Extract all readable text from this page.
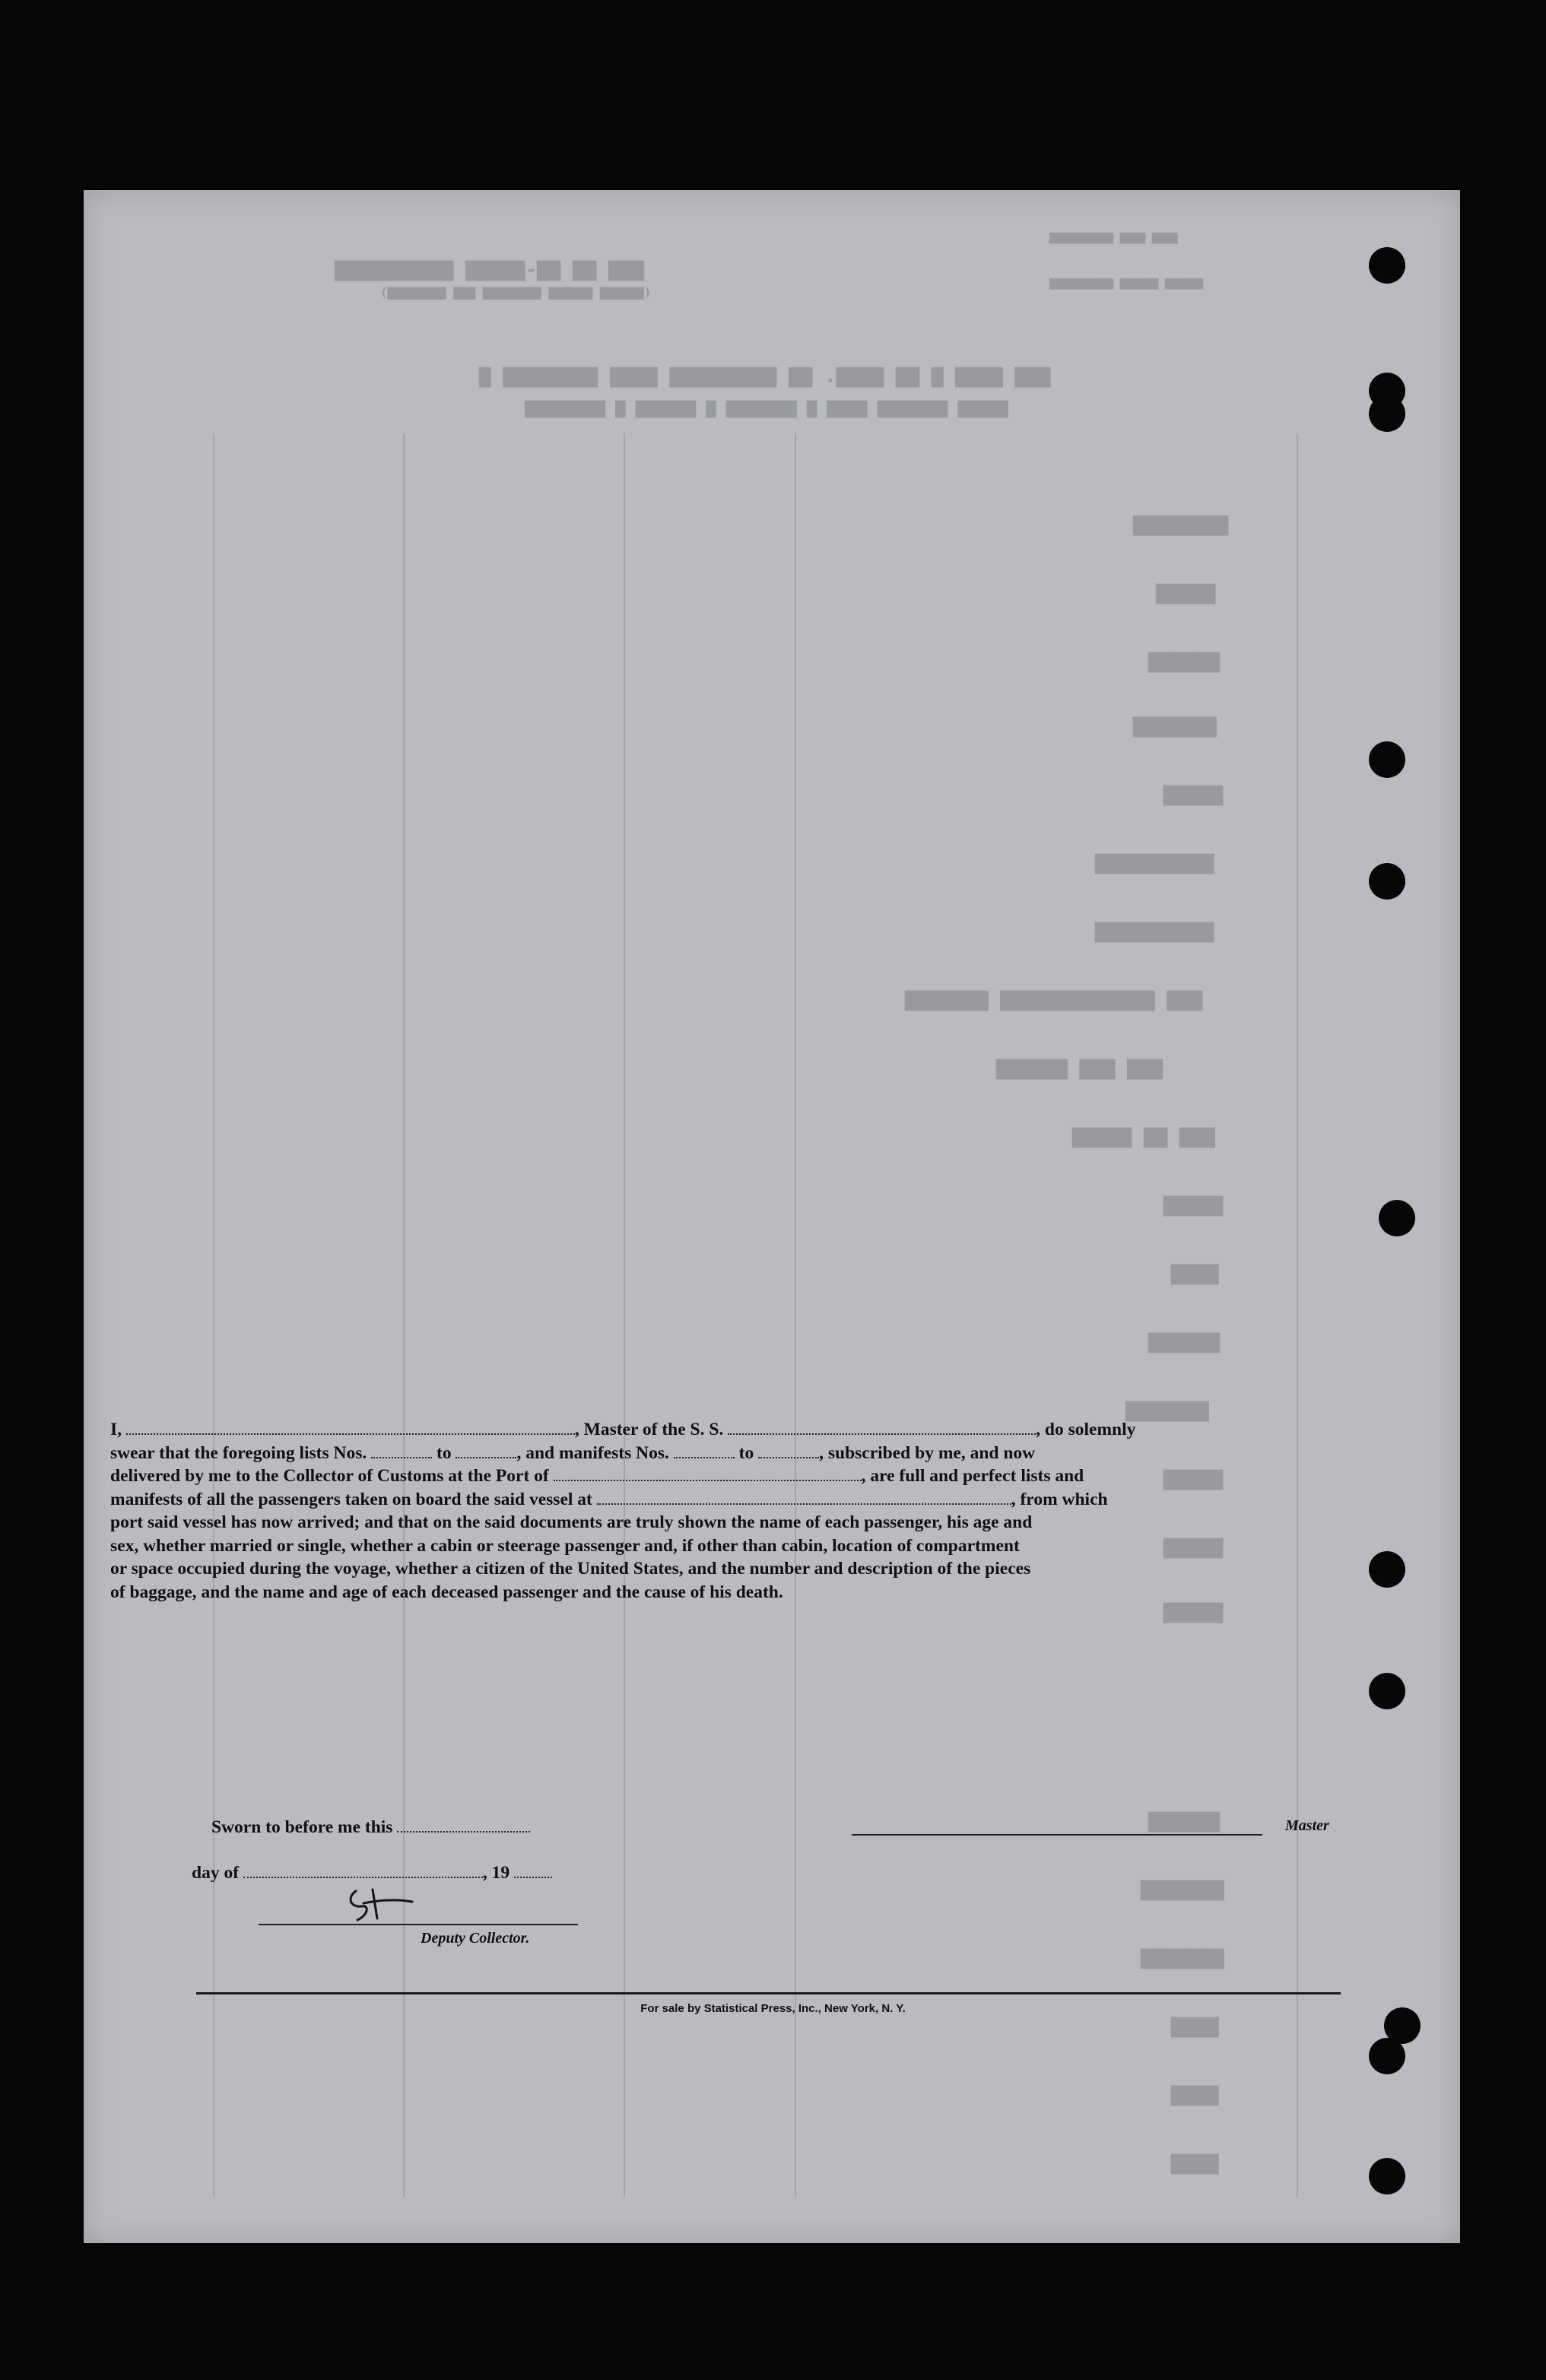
▇▇▇ ▇▇ ▇▇-▇▇▇▇▇ ▇▇▇▇▇▇▇▇▇▇
(▇▇▇▇▇▇ ▇▇▇▇▇▇ ▇▇▇▇▇▇▇▇ ▇▇▇ ▇▇▇▇▇▇▇▇)
▇▇▇▇ ▇▇▇▇ ▇▇▇▇▇▇▇▇▇▇
▇▇▇▇▇▇ ▇▇▇▇▇▇ ▇▇▇▇▇▇▇▇▇▇
▇▇▇ ▇▇▇▇ ▇ ▇▇ ▇▇▇▇. ▇▇ ▇▇▇▇▇▇▇▇▇ ▇▇▇▇ ▇▇▇▇▇▇▇▇ ▇
▇▇▇▇▇ ▇▇▇▇▇▇▇ ▇▇▇▇ ▇ ▇▇▇▇▇▇▇ ▇ ▇▇▇▇▇▇ ▇ ▇▇▇▇▇▇▇▇
▇▇▇▇▇▇▇▇
▇▇▇▇▇
▇▇▇▇▇▇
▇▇▇▇▇▇▇
▇▇▇▇▇
▇▇▇▇▇▇▇▇▇▇
▇▇▇▇▇▇▇▇▇▇
▇▇▇ ▇▇▇▇▇▇▇▇▇▇▇▇▇ ▇▇▇▇▇▇▇
▇▇▇ ▇▇▇ ▇▇▇▇▇▇
▇▇▇ ▇▇ ▇▇▇▇▇
▇▇▇▇▇
▇▇▇▇
▇▇▇▇▇▇
▇▇▇▇▇▇▇
▇▇▇▇▇
▇▇▇▇▇
▇▇▇▇▇
▇▇▇▇▇▇
▇▇▇▇▇▇▇
▇▇▇▇▇▇▇
▇▇▇▇
▇▇▇▇
▇▇▇▇
I,	, Master of the S. S.	, do solemnly
swear that the foregoing lists Nos.	to	, and manifests Nos.	to	, subscribed by me, and now
delivered by me to the Collector of Customs at the Port of	, are full and perfect lists and
manifests of all the passengers taken on board the said vessel at	, from which
port said vessel has now arrived; and that on the said documents are truly shown the name of each passenger, his age and
sex, whether married or single, whether a cabin or steerage passenger and, if other than cabin, location of compartment
or space occupied during the voyage, whether a citizen of the United States, and the number and description of the pieces
of baggage, and the name and age of each deceased passenger and the cause of his death.
Sworn to before me this	Master
day of	, 19
Deputy Collector.
For sale by Statistical Press, Inc., New York, N. Y.
